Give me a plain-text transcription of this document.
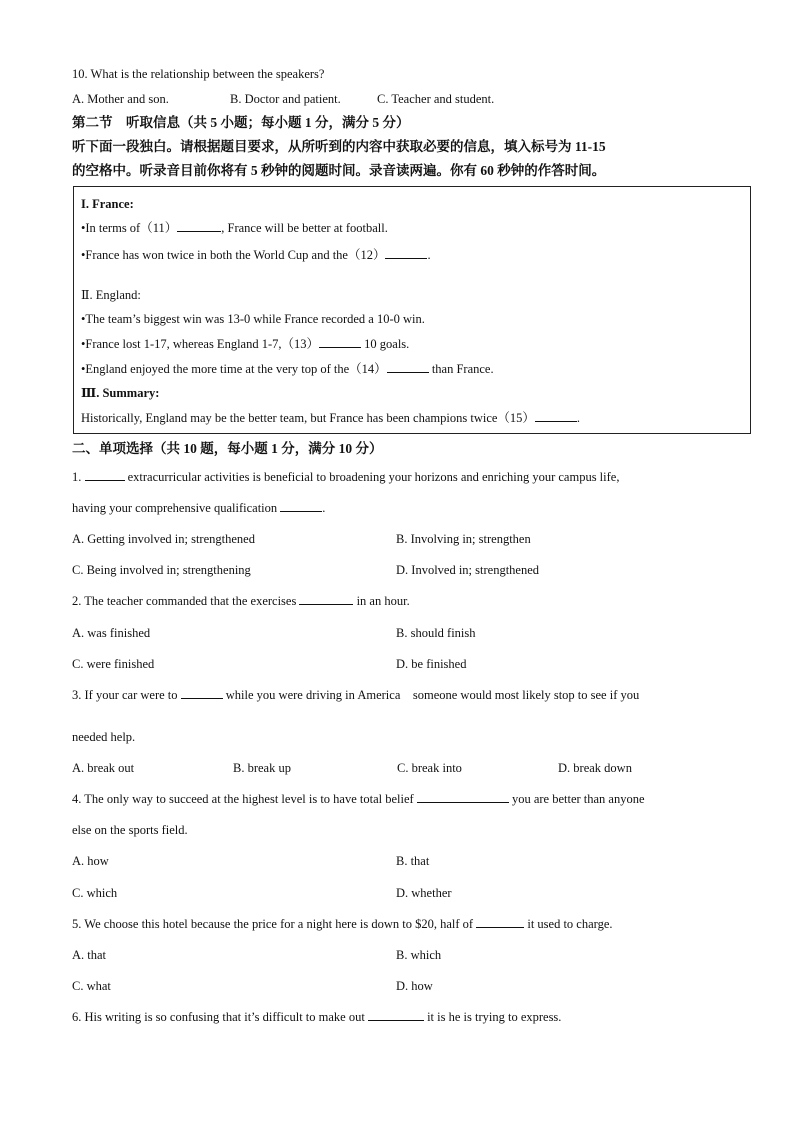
10. What is the relationship between the speakers?
A. Mother and son.	B. Doctor and patient.	C. Teacher and student.
第二节　听取信息（共 5 小题；每小题 1 分，满分 5 分）
听下面一段独白。请根据题目要求，从所听到的内容中获取必要的信息，填入标号为 11-15
的空格中。听录音目前你将有 5 秒钟的阅题时间。录音读两遍。你有 60 秒钟的作答时间。
I. France:
•In terms of（11）	, France will be better at football.
•France has won twice in both the World Cup and the（12）	.
Ⅱ. England:
•The team’s biggest win was 13-0 while France recorded a 10-0 win.
•France lost 1-17, whereas England 1-7,（13）	10 goals.
•England enjoyed the more time at the very top of the（14）	than France.
Ⅲ. Summary:
Historically, England may be the better team, but France has been champions twice（15）	.
二、单项选择（共 10 题，每小题 1 分，满分 10 分）
1.	extracurricular activities is beneficial to broadening your horizons and enriching your campus life,
having your comprehensive qualification	.
A. Getting involved in; strengthened	B. Involving in; strengthen
C. Being involved in; strengthening	D. Involved in; strengthened
2. The teacher commanded that the exercises	in an hour.
A. was finished	B. should finish
C. were finished	D. be finished
3. If your car were to	while you were driving in America someone would most likely stop to see if you
needed help.
A. break out	B. break up	C. break into	D. break down
4. The only way to succeed at the highest level is to have total belief	you are better than anyone
else on the sports field.
A. how	B. that
C. which	D. whether
5. We choose this hotel because the price for a night here is down to $20, half of	it used to charge.
A. that	B. which
C. what	D. how
6. His writing is so confusing that it’s difficult to make out	it is he is trying to express.
